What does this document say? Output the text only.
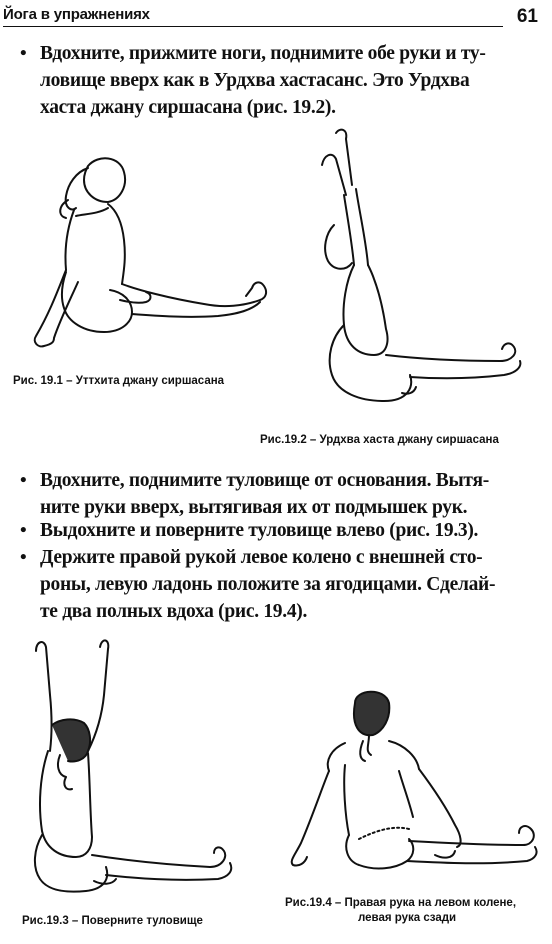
Йога в упражнениях	61
• Вдохните, прижмите ноги, поднимите обе руки и ту-
ловище вверх как в Урдхва хастасанс. Это Урдхва
хаста джану сиршасана (рис. 19.2).
Рис. 19.1 – Уттхита джану сиршасана
Рис.19.2 – Урдхва хаста джану сиршасана
• Вдохните, поднимите туловище от основания. Вытя-
ните руки вверх, вытягивая их от подмышек рук.
• Выдохните и поверните туловище влево (рис. 19.3).
• Держите правой рукой левое колено с внешней сто-
роны, левую ладонь положите за ягодицами. Сделай-
те два полных вдоха (рис. 19.4).
Рис.19.3 – Поверните туловище
Рис.19.4 – Правая рука на левом колене,
левая рука сзади
